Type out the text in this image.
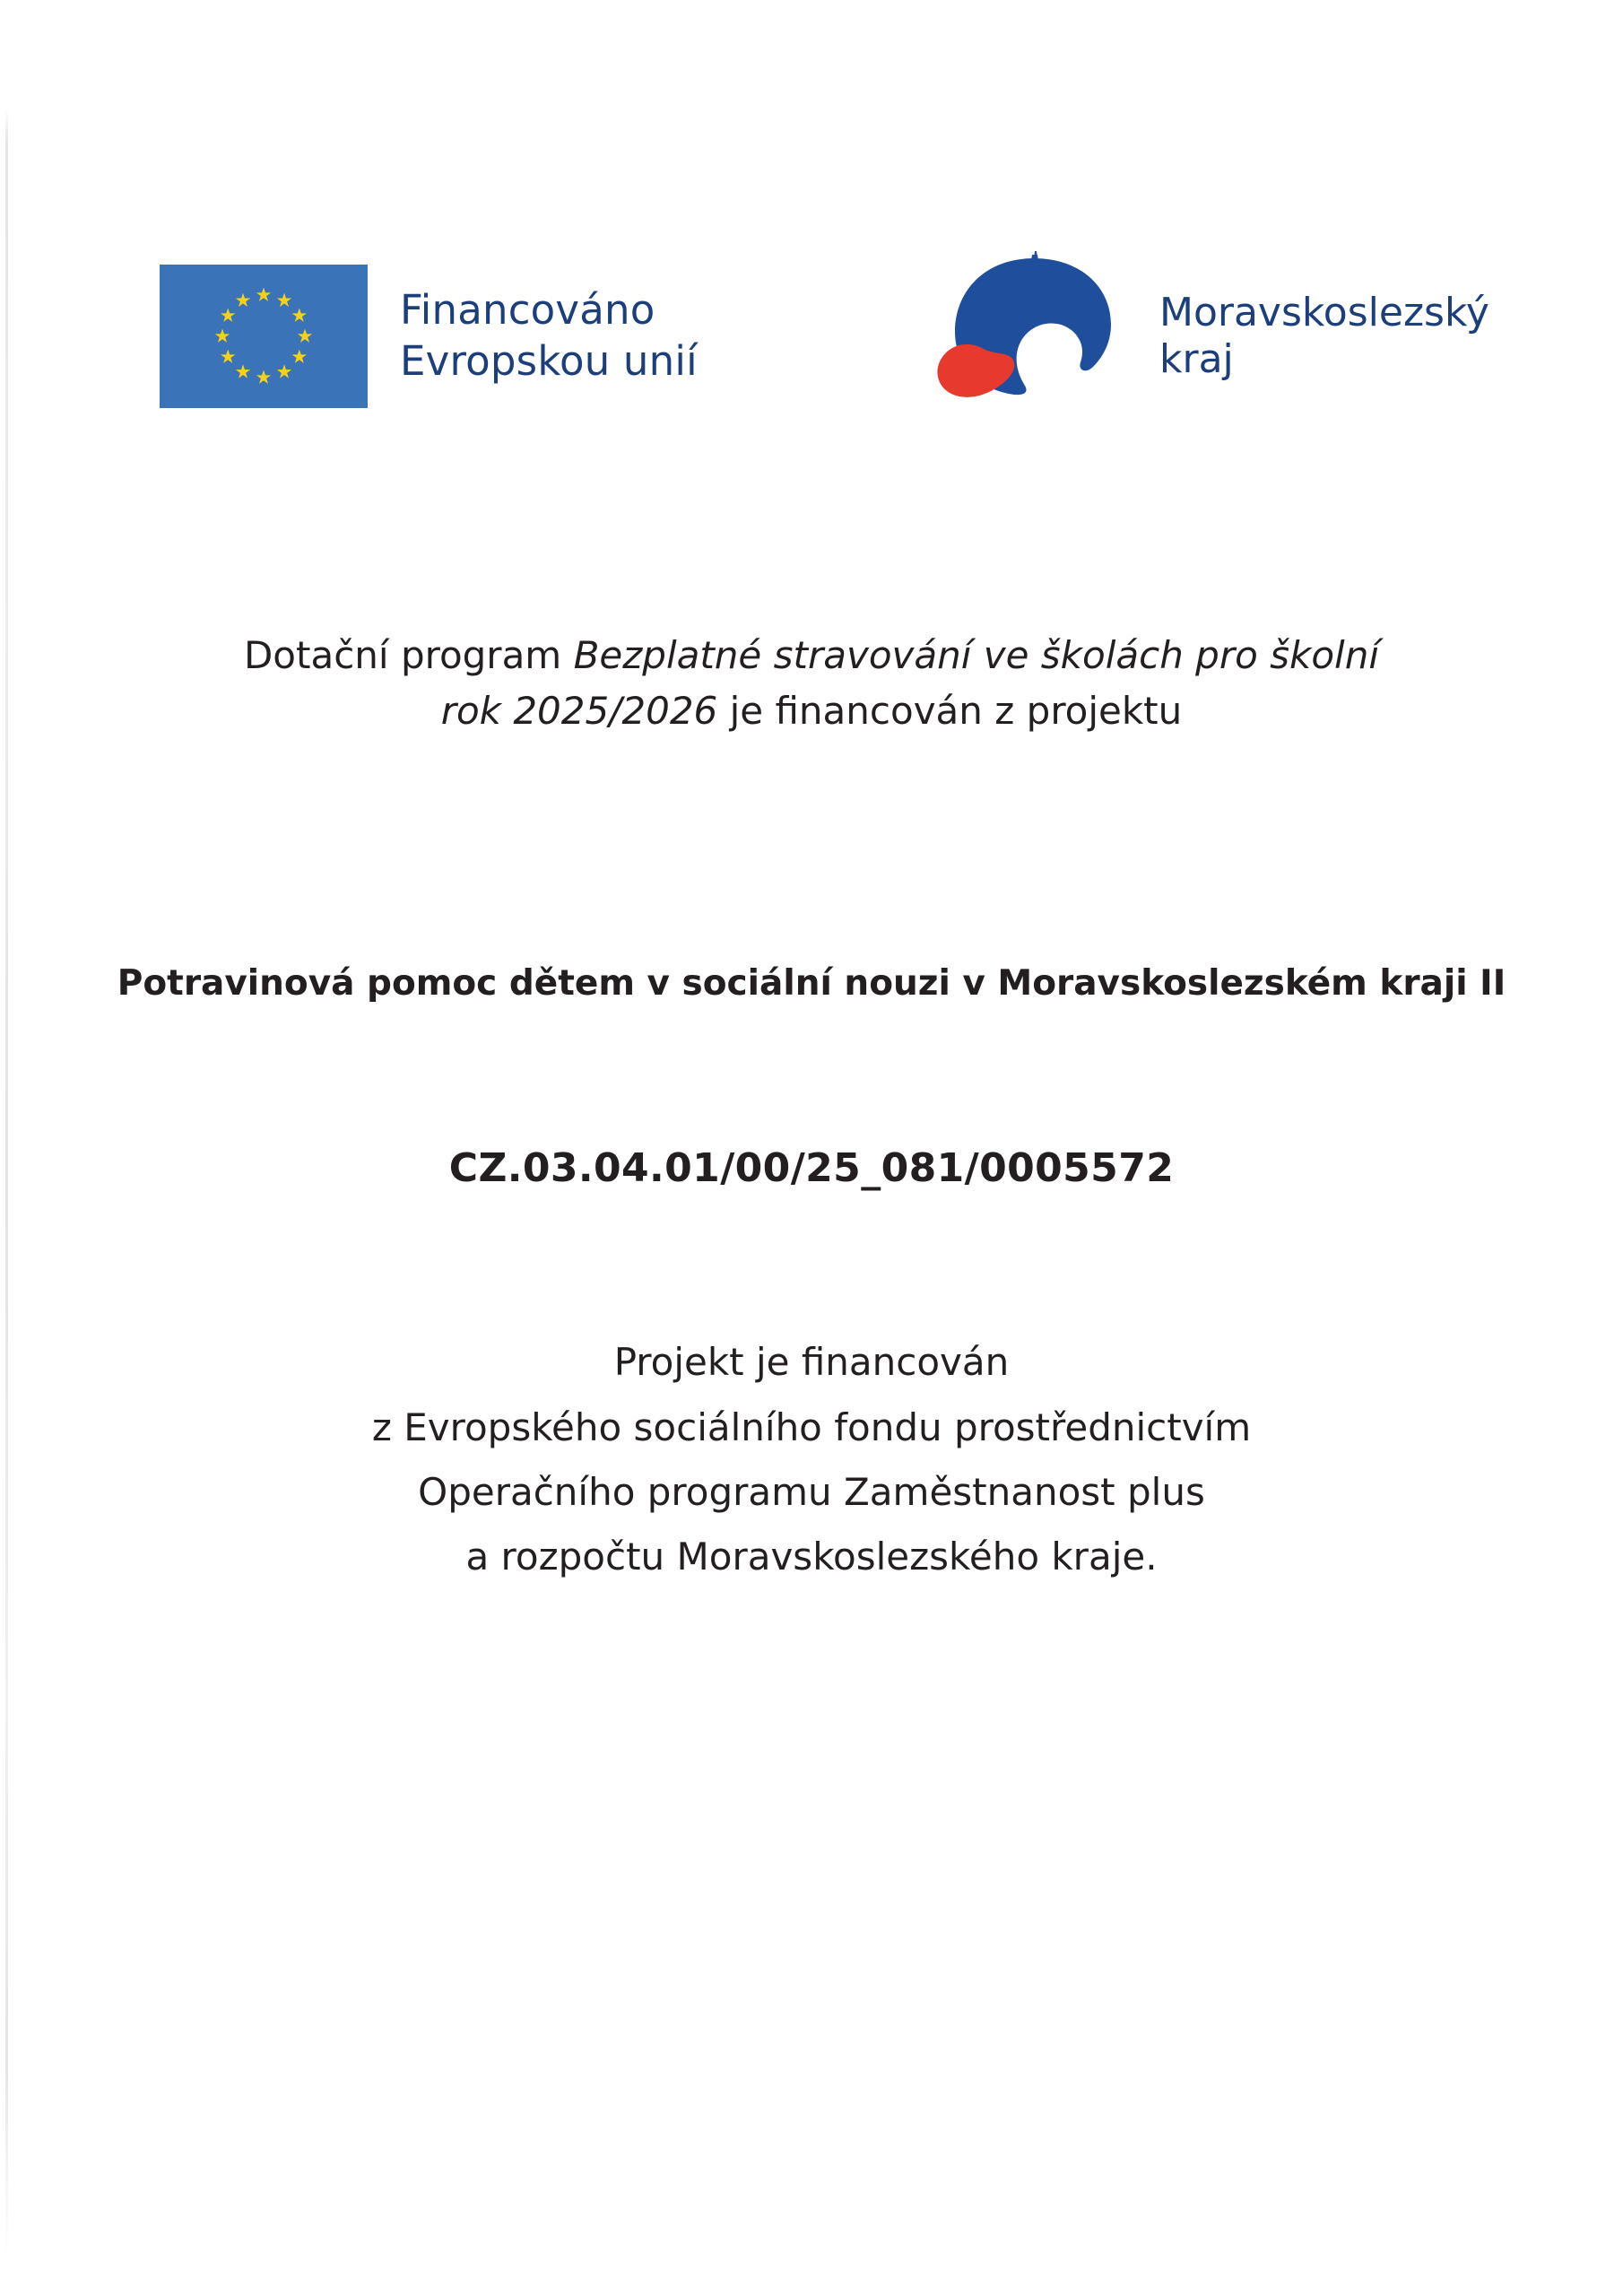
Financováno
Evropskou unií
Moravskoslezský
kraj

Dotační program Bezplatné stravování ve školách pro školní rok 2025/2026 je financován z projektu

Potravinová pomoc dětem v sociální nouzi v Moravskoslezském kraji II

CZ.03.04.01/00/25_081/0005572

Projekt je financován
z Evropského sociálního fondu prostřednictvím
Operačního programu Zaměstnanost plus
a rozpočtu Moravskoslezského kraje.
